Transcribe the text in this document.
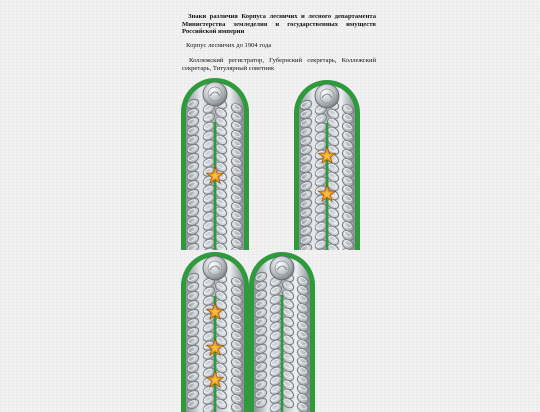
Знаки различия Корпуса лесничих и лесного департамента Министерства земледелия и государственных имуществ Российской империи

Корпус лесничих до 1904 года

Коллежский регистратор, Губернский секретарь, Коллежский секретарь, Титулярный советник
